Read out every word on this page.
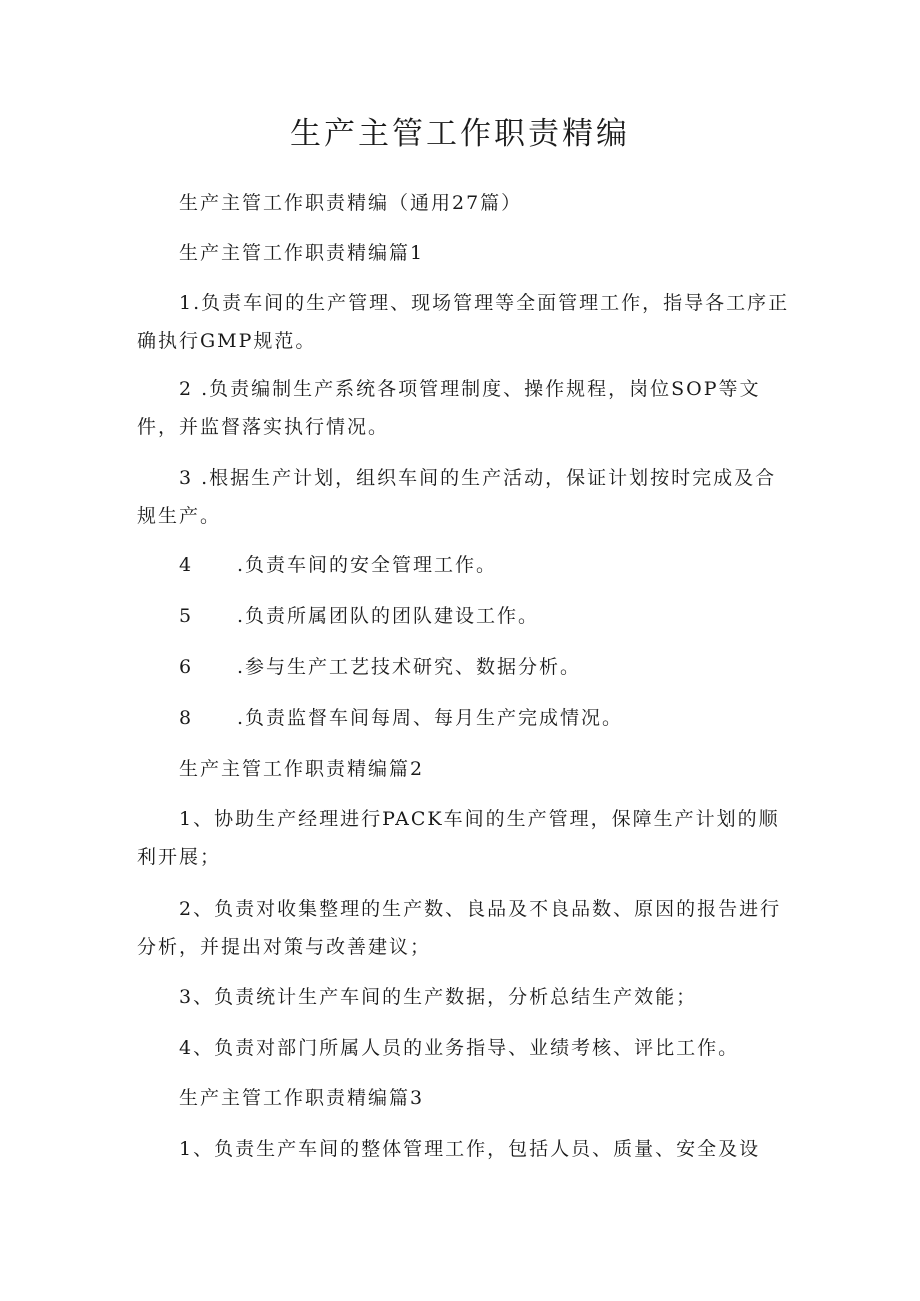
生产主管工作职责精编
生产主管工作职责精编（通用27篇）
生产主管工作职责精编篇1

1.负责车间的生产管理、现场管理等全面管理工作，指导各工序正确执行GMP规范。

2 .负责编制生产系统各项管理制度、操作规程，岗位SOP等文件，并监督落实执行情况。

3 .根据生产计划，组织车间的生产活动，保证计划按时完成及合规生产。

4 .负责车间的安全管理工作。
5 .负责所属团队的团队建设工作。
6 .参与生产工艺技术研究、数据分析。
8 .负责监督车间每周、每月生产完成情况。
生产主管工作职责精编篇2

1、协助生产经理进行PACK车间的生产管理，保障生产计划的顺利开展；

2、负责对收集整理的生产数、良品及不良品数、原因的报告进行分析，并提出对策与改善建议；

3、负责统计生产车间的生产数据，分析总结生产效能；
4、负责对部门所属人员的业务指导、业绩考核、评比工作。
生产主管工作职责精编篇3
1、负责生产车间的整体管理工作，包括人员、质量、安全及设
